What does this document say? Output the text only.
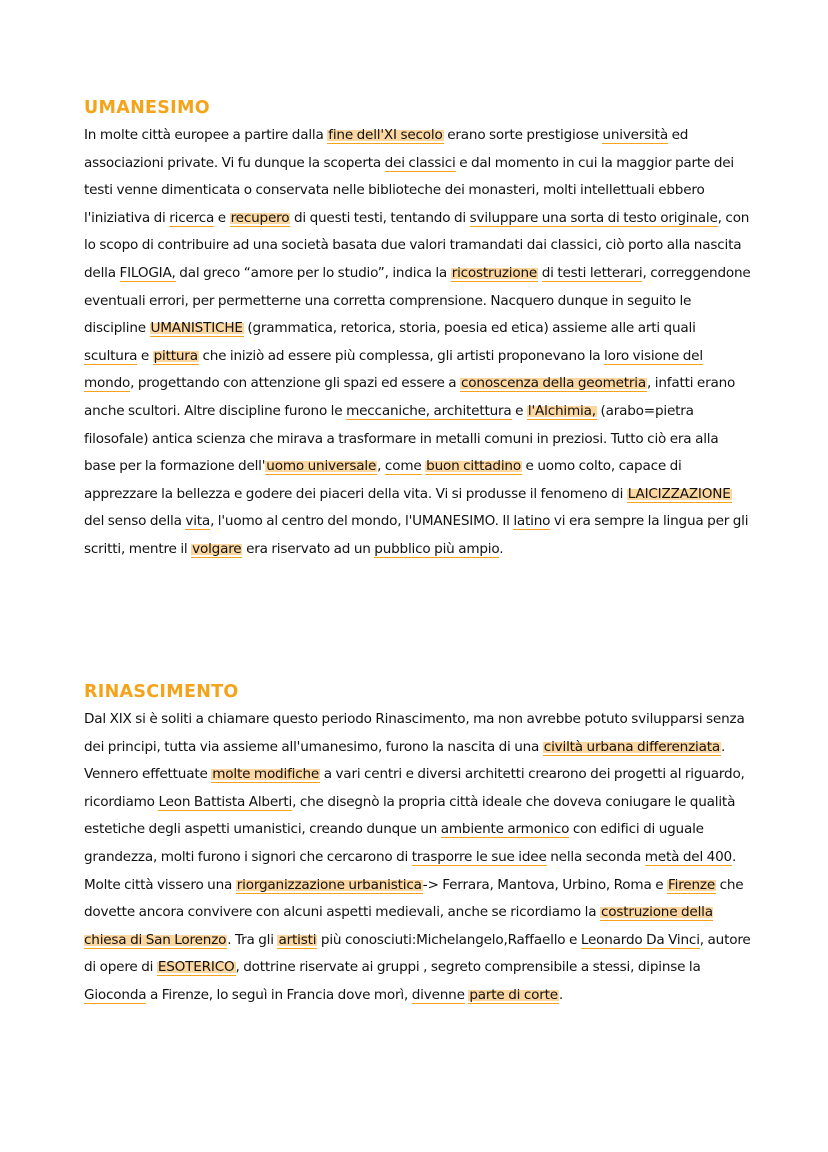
UMANESIMO
In molte città europee a partire dalla fine dell'XI secolo erano sorte prestigiose università ed associazioni private. Vi fu dunque la scoperta dei classici e dal momento in cui la maggior parte dei testi venne dimenticata o conservata nelle biblioteche dei monasteri, molti intellettuali ebbero l'iniziativa di ricerca e recupero di questi testi, tentando di sviluppare una sorta di testo originale, con lo scopo di contribuire ad una società basata due valori tramandati dai classici, ciò porto alla nascita della FILOGIA, dal greco “amore per lo studio”, indica la ricostruzione di testi letterari, correggendone eventuali errori, per permetterne una corretta comprensione. Nacquero dunque in seguito le discipline UMANISTICHE (grammatica, retorica, storia, poesia ed etica) assieme alle arti quali scultura e pittura che iniziò ad essere più complessa, gli artisti proponevano la loro visione del mondo, progettando con attenzione gli spazi ed essere a conoscenza della geometria, infatti erano anche scultori. Altre discipline furono le meccaniche, architettura e l'Alchimia, (arabo=pietra filosofale) antica scienza che mirava a trasformare in metalli comuni in preziosi. Tutto ciò era alla base per la formazione dell'uomo universale, come buon cittadino e uomo colto, capace di apprezzare la bellezza e godere dei piaceri della vita. Vi si produsse il fenomeno di LAICIZZAZIONE del senso della vita, l'uomo al centro del mondo, l'UMANESIMO. Il latino vi era sempre la lingua per gli scritti, mentre il volgare era riservato ad un pubblico più ampio.
RINASCIMENTO
Dal XIX si è soliti a chiamare questo periodo Rinascimento, ma non avrebbe potuto svilupparsi senza dei principi, tutta via assieme all'umanesimo, furono la nascita di una civiltà urbana differenziata. Vennero effettuate molte modifiche a vari centri e diversi architetti crearono dei progetti al riguardo, ricordiamo Leon Battista Alberti, che disegnò la propria città ideale che doveva coniugare le qualità estetiche degli aspetti umanistici, creando dunque un ambiente armonico con edifici di uguale grandezza, molti furono i signori che cercarono di trasporre le sue idee nella seconda metà del 400. Molte città vissero una riorganizzazione urbanistica-> Ferrara, Mantova, Urbino, Roma e Firenze che dovette ancora convivere con alcuni aspetti medievali, anche se ricordiamo la costruzione della chiesa di San Lorenzo. Tra gli artisti più conosciuti:Michelangelo,Raffaello e Leonardo Da Vinci, autore di opere di ESOTERICO, dottrine riservate ai gruppi , segreto comprensibile a stessi, dipinse la Gioconda a Firenze, lo seguì in Francia dove morì, divenne parte di corte.
